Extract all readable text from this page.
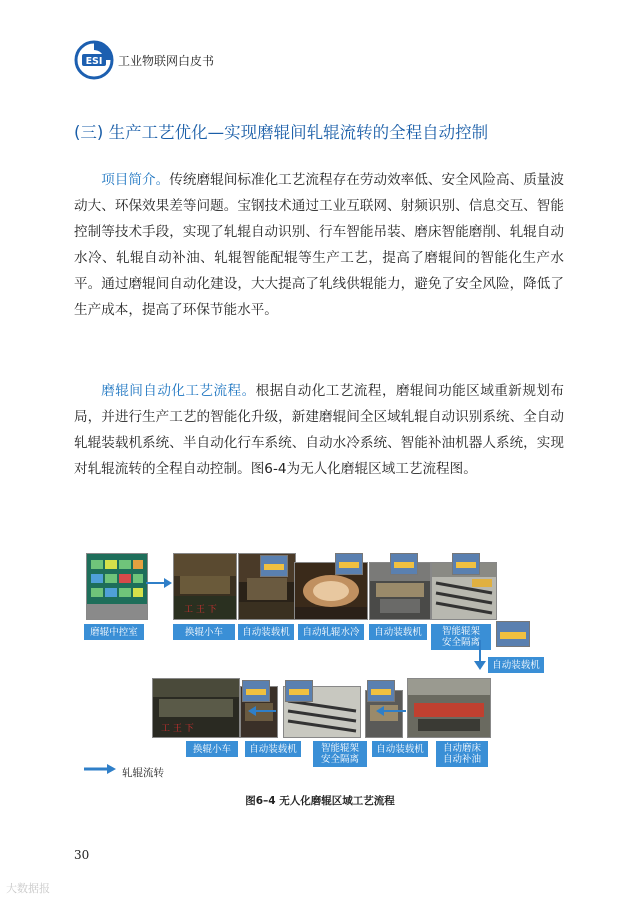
ESI 工业物联网白皮书
(三) 生产工艺优化—实现磨辊间轧辊流转的全程自动控制

项目简介。传统磨辊间标准化工艺流程存在劳动效率低、安全风险高、质量波动大、环保效果差等问题。宝钢技术通过工业互联网、射频识别、信息交互、智能控制等技术手段，实现了轧辊自动识别、行车智能吊装、磨床智能磨削、轧辊自动水冷、轧辊自动补油、轧辊智能配辊等生产工艺，提高了磨辊间的智能化生产水平。通过磨辊间自动化建设，大大提高了轧线供辊能力，避免了安全风险，降低了生产成本，提高了环保节能水平。

磨辊间自动化工艺流程。根据自动化工艺流程，磨辊间功能区域重新规划布局，并进行生产工艺的智能化升级，新建磨辊间全区域轧辊自动识别系统、全自动轧辊装载机系统、半自动化行车系统、自动水冷系统、智能补油机器人系统，实现对轧辊流转的全程自动控制。图6-4为无人化磨辊区域工艺流程图。

工 王 下
磨辊中控室	换辊小车	自动装载机	自动轧辊水冷	自动装载机	智能辊架
安全隔离
自动装载机
工 王 下
换辊小车	自动装载机	智能辊架
安全隔离
自动装载机	自动磨床
自动补油
轧辊流转
图6–4 无人化磨辊区域工艺流程
30
大数据报
